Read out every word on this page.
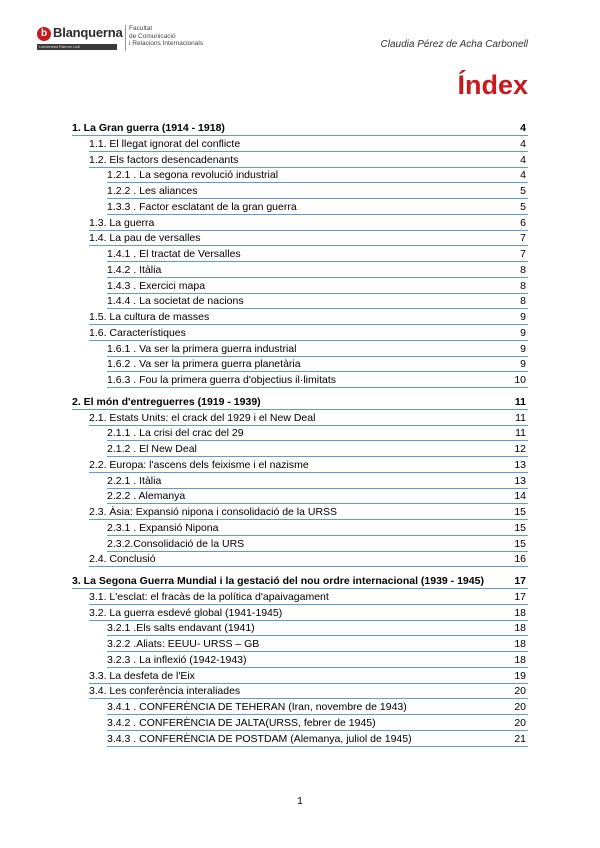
b Blanquerna
Universitat Ramon Llull
Facultat
de Comunicació
i Relacions Internacionals	Claudia Pérez de Acha Carbonell
Índex
1. La Gran guerra (1914 - 1918)	4
1.1. El llegat ignorat del conflicte	4
1.2. Els factors desencadenants	4
1.2.1 . La segona revolució industrial	4
1.2.2 . Les aliances	5
1.3.3 . Factor esclatant de la gran guerra	5
1.3. La guerra	6
1.4. La pau de versalles	7
1.4.1 . El tractat de Versalles	7
1.4.2 . Itàlia	8
1.4.3 . Exercici mapa	8
1.4.4 . La societat de nacions	8
1.5. La cultura de masses	9
1.6. Característiques	9
1.6.1 . Va ser la primera guerra industrial	9
1.6.2 . Va ser la primera guerra planetària	9
1.6.3 . Fou la primera guerra d'objectius il·limitats	10
2. El món d'entreguerres (1919 - 1939)	11
2.1. Estats Units: el crack del 1929 i el New Deal	11
2.1.1 . La crisi del crac del 29	11
2.1.2 . El New Deal	12
2.2. Europa: l'ascens dels feixisme i el nazisme	13
2.2.1 . Itàlia	13
2.2.2 . Alemanya	14
2.3. Àsia: Expansió nipona i consolidació de la URSS	15
2.3.1 . Expansió Nipona	15
2.3.2.Consolidació de la URS	15
2.4. Conclusió	16
3. La Segona Guerra Mundial i la gestació del nou ordre internacional (1939 - 1945)	17
3.1. L'esclat: el fracàs de la política d'apaivagament	17
3.2. La guerra esdevé global (1941-1945)	18
3.2.1 .Els salts endavant (1941)	18
3.2.2 .Aliats: EEUU- URSS – GB	18
3.2.3 . La inflexió (1942-1943)	18
3.3. La desfeta de l'Eix	19
3.4. Les conferència interaliades	20
3.4.1 . CONFERÈNCIA DE TEHERAN (Iran, novembre de 1943)	20
3.4.2 . CONFERÈNCIA DE JALTA(URSS, febrer de 1945)	20
3.4.3 . CONFERÈNCIA DE POSTDAM (Alemanya, juliol de 1945)	21
1
